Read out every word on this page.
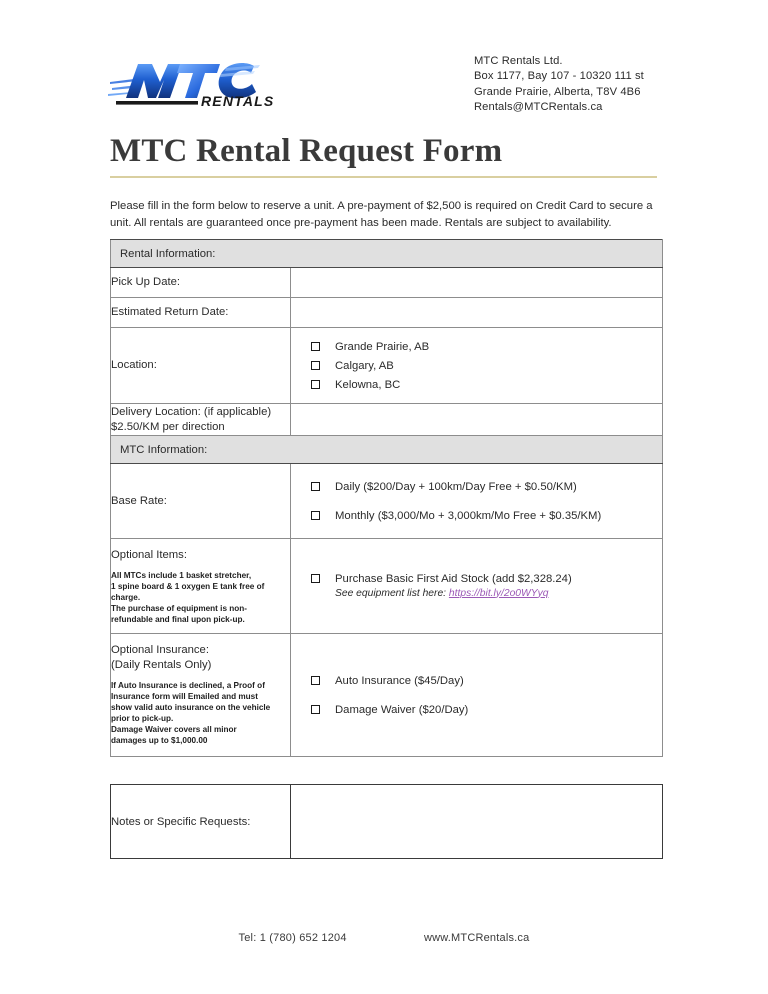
RENTALS
MTC Rentals Ltd.
Box 1177, Bay 107 - 10320 111 st
Grande Prairie, Alberta, T8V 4B6
Rentals@MTCRentals.ca
MTC Rental Request Form
Please fill in the form below to reserve a unit. A pre-payment of $2,500 is required on Credit Card to secure a unit. All rentals are guaranteed once pre-payment has been made. Rentals are subject to availability.
Rental Information:	
Pick Up Date:	
Estimated Return Date:	
Location:	Grande Prairie, AB
Calgary, AB
Kelowna, BC

Delivery Location: (if applicable)
$2.50/KM per direction	

MTC Information:	
Base Rate:	Daily ($200/Day + 100km/Day Free + $0.50/KM)
Monthly ($3,000/Mo + 3,000km/Mo Free + $0.35/KM)

Optional Items:
All MTCs include 1 basket stretcher,
1 spine board & 1 oxygen E tank free of
charge.
The purchase of equipment is non-
refundable and final upon pick-up.

Purchase Basic First Aid Stock (add $2,328.24)
See equipment list here: https://bit.ly/2o0WYyq

Optional Insurance:
(Daily Rentals Only)
If Auto Insurance is declined, a Proof of
Insurance form will Emailed and must
show valid auto insurance on the vehicle
prior to pick-up.
Damage Waiver covers all minor
damages up to $1,000.00

Auto Insurance ($45/Day)
Damage Waiver ($20/Day)
Notes or Specific Requests:	
Tel: 1 (780) 652 1204	www.MTCRentals.ca
